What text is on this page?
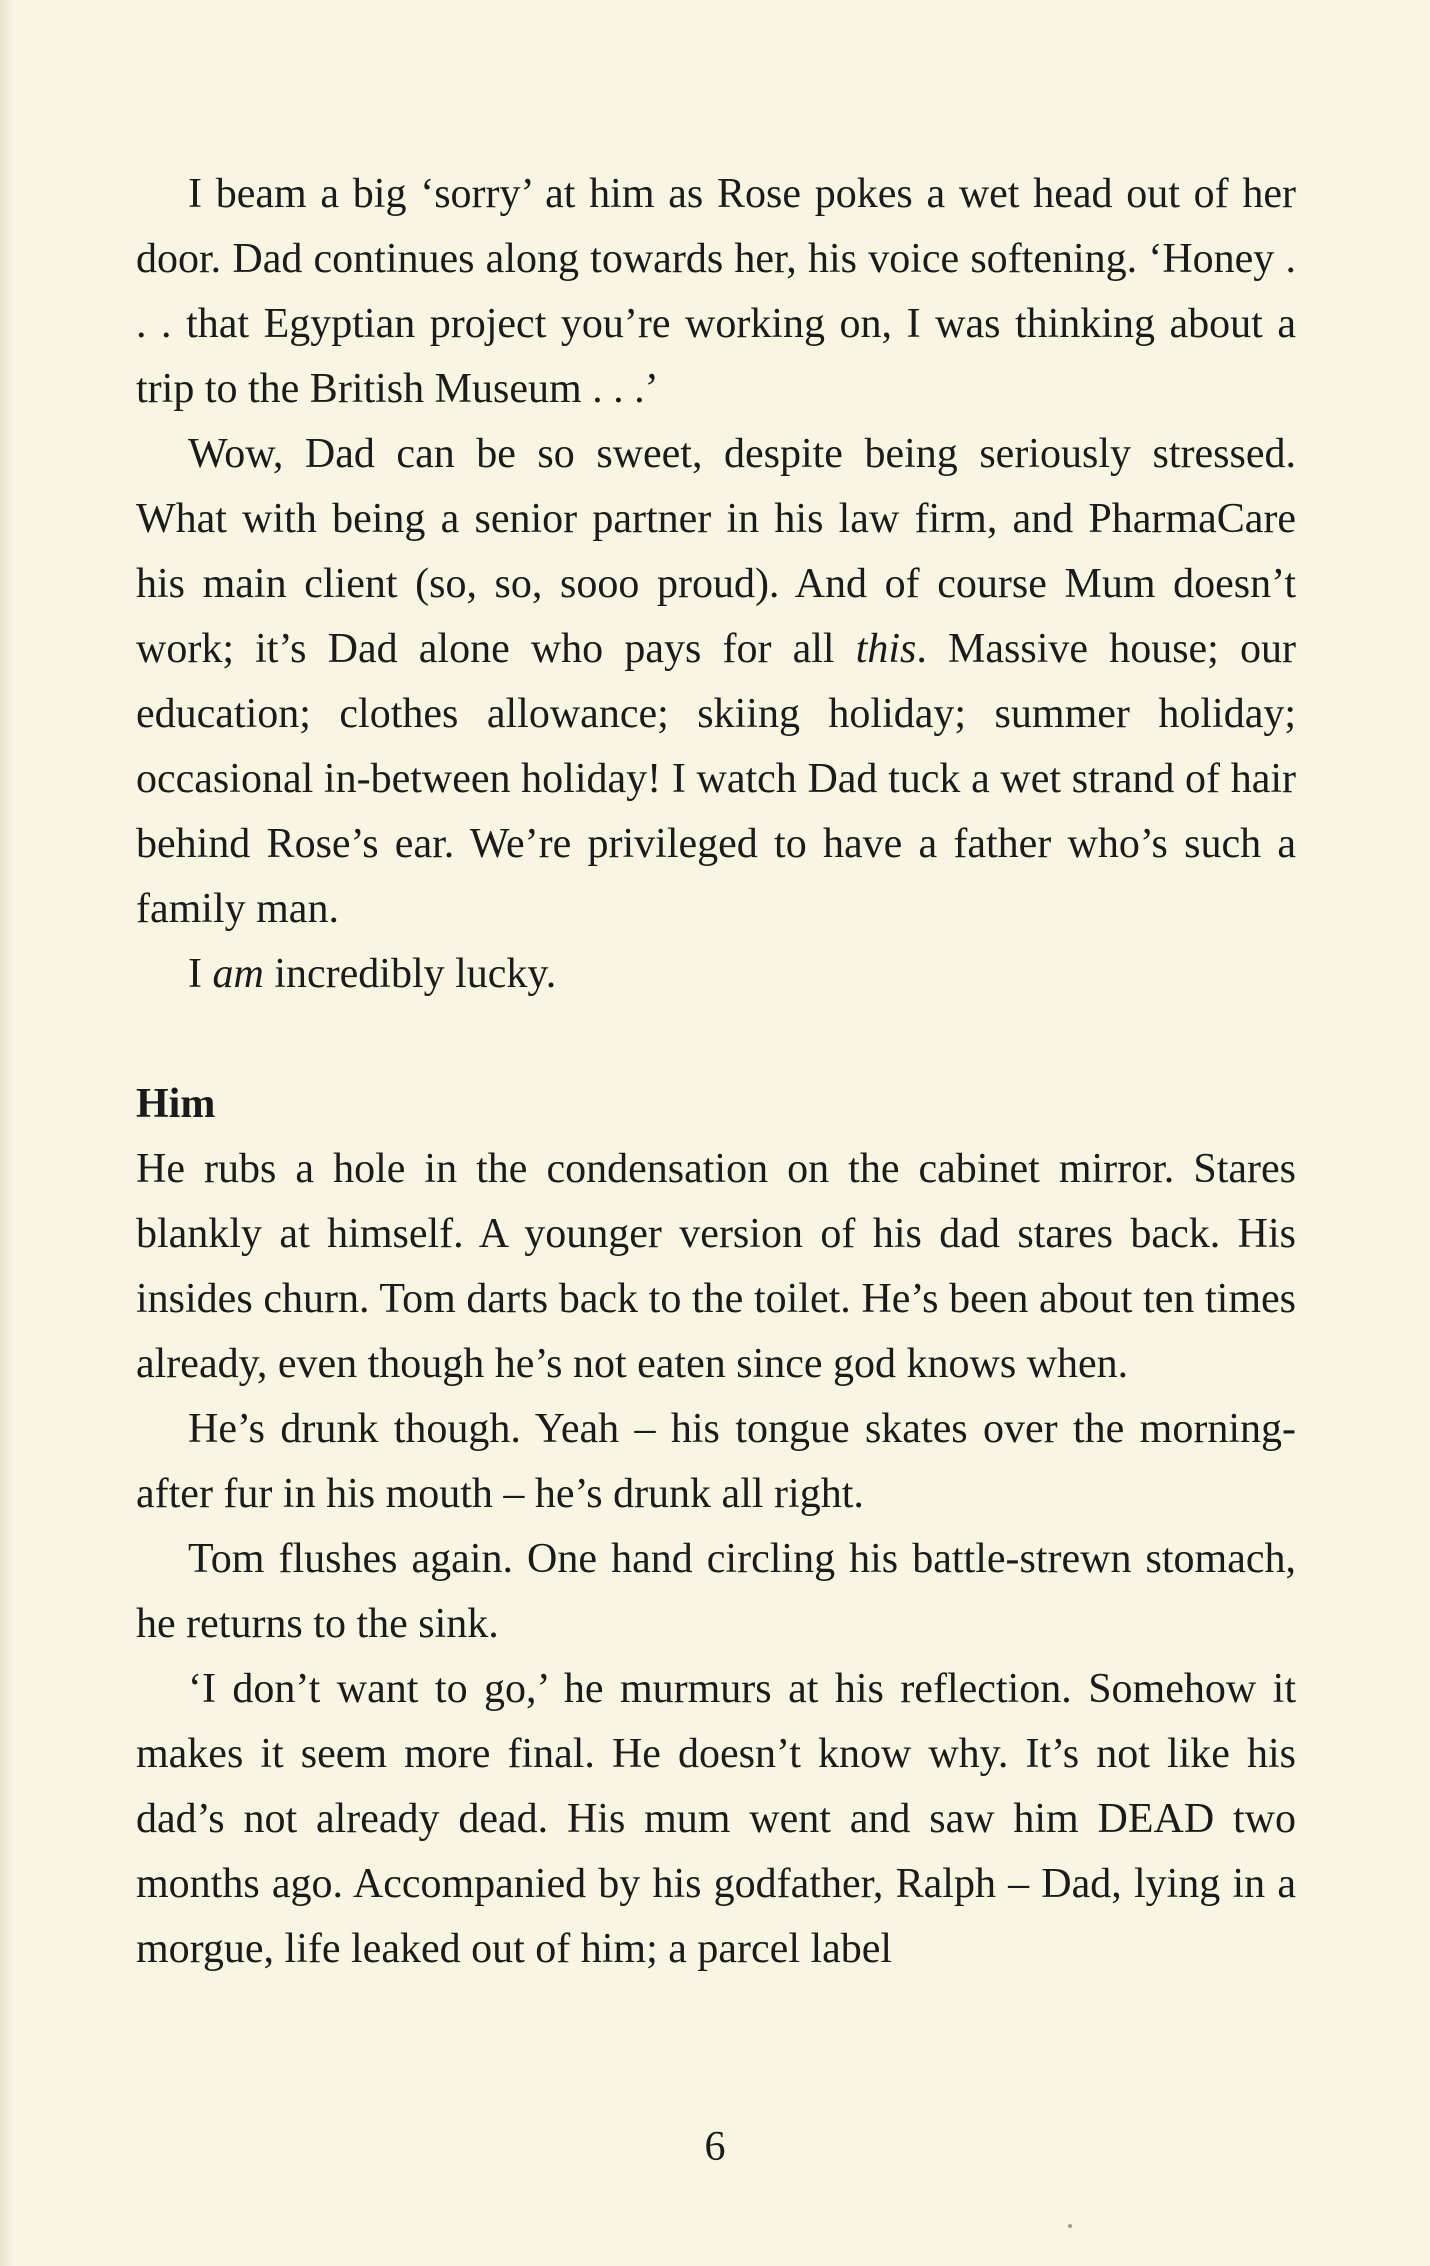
I beam a big ‘sorry’ at him as Rose pokes a wet head out of her door. Dad continues along towards her, his voice softening. ‘Honey . . . that Egyptian project you’re working on, I was thinking about a trip to the British Museum . . .’

Wow, Dad can be so sweet, despite being seriously stressed. What with being a senior partner in his law firm, and PharmaCare his main client (so, so, sooo proud). And of course Mum doesn’t work; it’s Dad alone who pays for all this. Massive house; our education; clothes allowance; skiing holiday; summer holiday; occasional in-between holiday! I watch Dad tuck a wet strand of hair behind Rose’s ear. We’re privileged to have a father who’s such a family man.

I am incredibly lucky.

Him

He rubs a hole in the condensation on the cabinet mirror. Stares blankly at himself. A younger version of his dad stares back. His insides churn. Tom darts back to the toilet. He’s been about ten times already, even though he’s not eaten since god knows when.

He’s drunk though. Yeah – his tongue skates over the morning-after fur in his mouth – he’s drunk all right.

Tom flushes again. One hand circling his battle-strewn stomach, he returns to the sink.

‘I don’t want to go,’ he murmurs at his reflection. Somehow it makes it seem more final. He doesn’t know why. It’s not like his dad’s not already dead. His mum went and saw him DEAD two months ago. Accompanied by his godfather, Ralph – Dad, lying in a morgue, life leaked out of him; a parcel label

6
